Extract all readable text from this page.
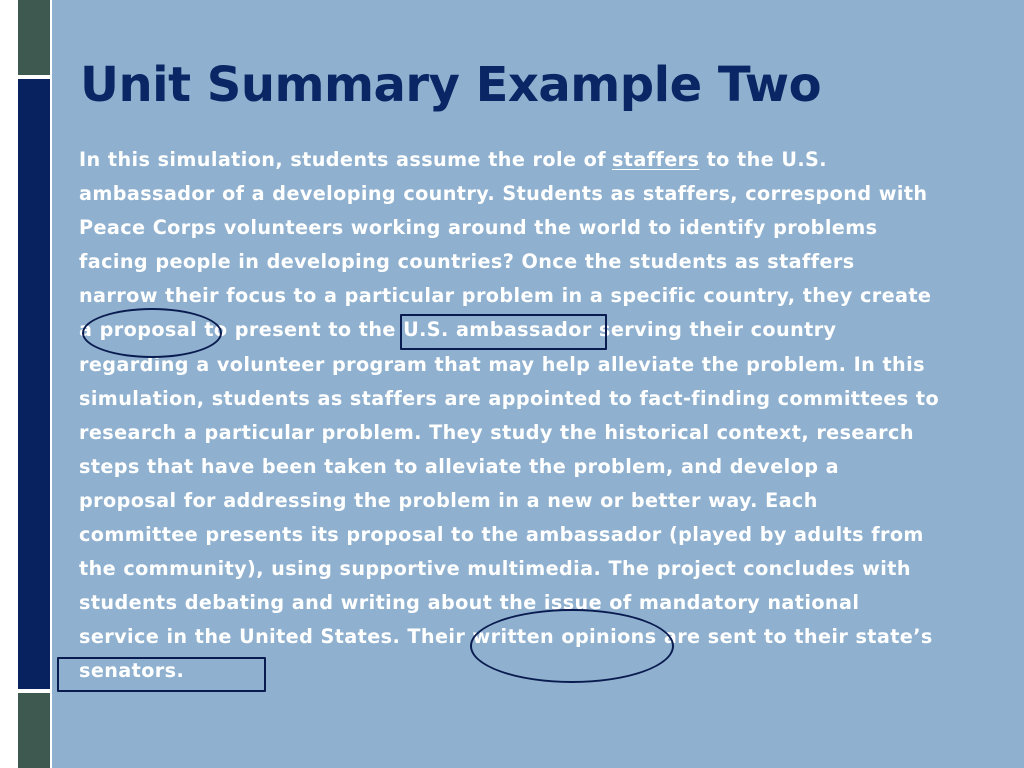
Unit Summary Example Two
In this simulation, students assume the role of staffers to the U.S.
ambassador of a developing country. Students as staffers, correspond with
Peace Corps volunteers working around the world to identify problems
facing people in developing countries? Once the students as staffers
narrow their focus to a particular problem in a specific country, they create
a proposal to present to the U.S. ambassador serving their country
regarding a volunteer program that may help alleviate the problem. In this
simulation, students as staffers are appointed to fact-finding committees to
research a particular problem. They study the historical context, research
steps that have been taken to alleviate the problem, and develop a
proposal for addressing the problem in a new or better way. Each
committee presents its proposal to the ambassador (played by adults from
the community), using supportive multimedia. The project concludes with
students debating and writing about the issue of mandatory national
service in the United States. Their written opinions are sent to their state’s
senators.
